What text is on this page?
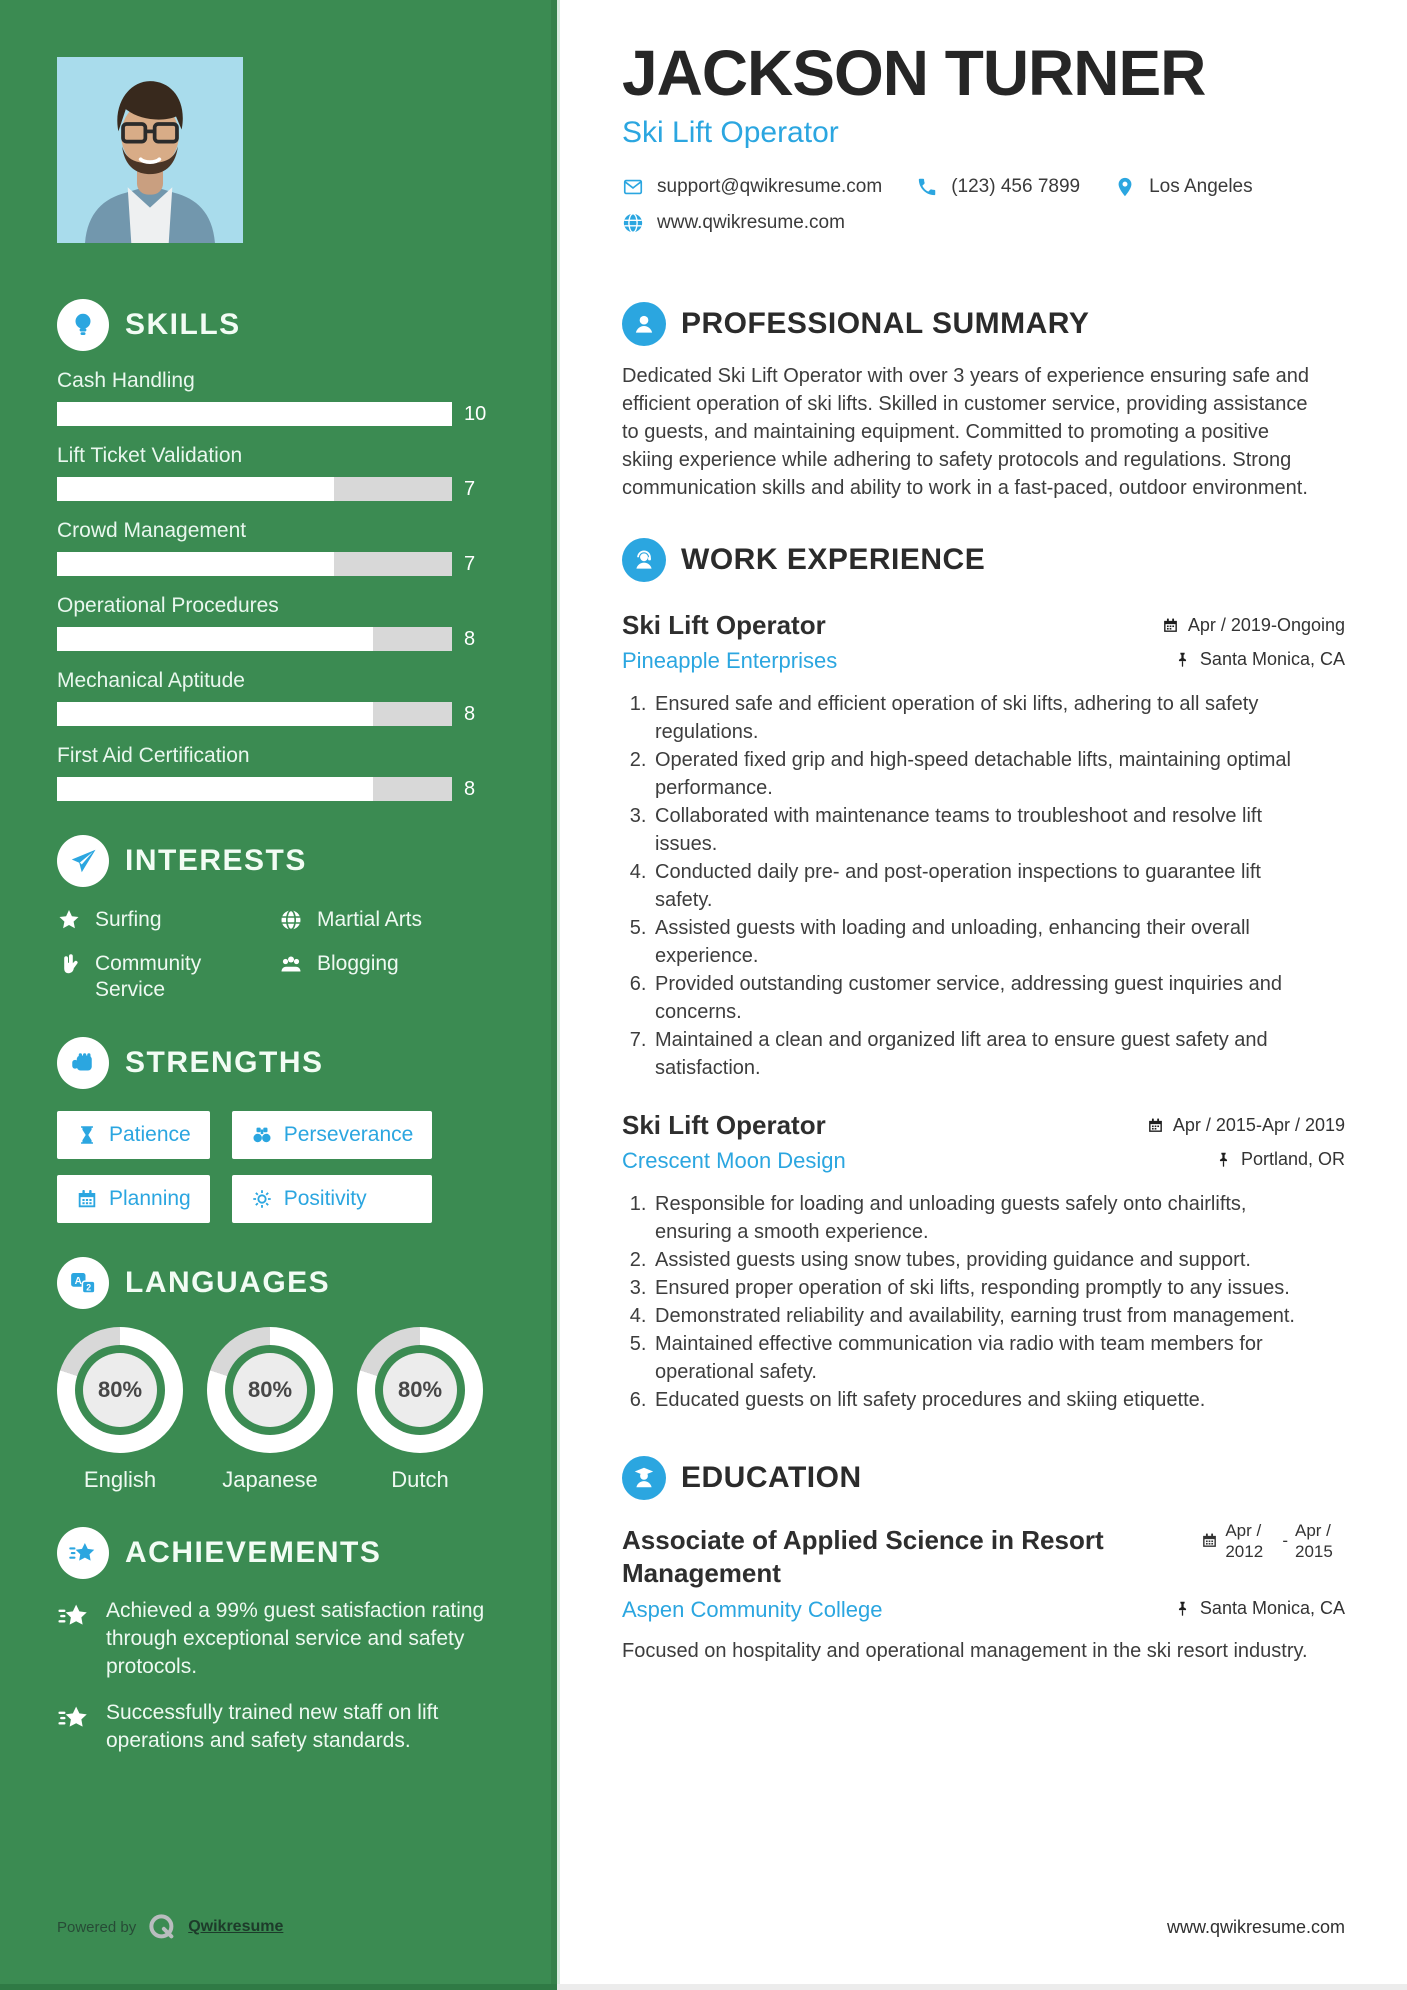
SKILLS
Cash Handling
10
Lift Ticket Validation
7
Crowd Management
7
Operational Procedures
8
Mechanical Aptitude
8
First Aid Certification
8
INTERESTS
Surfing	Martial Arts
Community Service
Blogging
STRENGTHS
Patience	Perseverance
Planning	Positivity
A
2 LANGUAGES
80%
English
80%
Japanese
80%
Dutch
ACHIEVEMENTS
Achieved a 99% guest satisfaction rating through exceptional service and safety protocols.
Successfully trained new staff on lift operations and safety standards.
Powered by	Qwikresume
JACKSON TURNER
Ski Lift Operator
support@qwikresume.com	(123) 456 7899	Los Angeles
www.qwikresume.com
PROFESSIONAL SUMMARY

Dedicated Ski Lift Operator with over 3 years of experience ensuring safe and efficient operation of ski lifts. Skilled in customer service, providing assistance to guests, and maintaining equipment. Committed to promoting a positive skiing experience while adhering to safety protocols and regulations. Strong communication skills and ability to work in a fast-paced, outdoor environment.

WORK EXPERIENCE
Ski Lift Operator	Apr / 2019-Ongoing
Pineapple Enterprises	Santa Monica, CA
1. Ensured safe and efficient operation of ski lifts, adhering to all safety regulations.
2. Operated fixed grip and high-speed detachable lifts, maintaining optimal performance.
3. Collaborated with maintenance teams to troubleshoot and resolve lift issues.
4. Conducted daily pre- and post-operation inspections to guarantee lift safety.
5. Assisted guests with loading and unloading, enhancing their overall experience.
6. Provided outstanding customer service, addressing guest inquiries and concerns.
7. Maintained a clean and organized lift area to ensure guest safety and satisfaction.
Ski Lift Operator	Apr / 2015-Apr / 2019
Crescent Moon Design	Portland, OR
1. Responsible for loading and unloading guests safely onto chairlifts, ensuring a smooth experience.
2. Assisted guests using snow tubes, providing guidance and support.
3. Ensured proper operation of ski lifts, responding promptly to any issues.
4. Demonstrated reliability and availability, earning trust from management.
5. Maintained effective communication via radio with team members for operational safety.
6. Educated guests on lift safety procedures and skiing etiquette.
EDUCATION
Associate of Applied Science in Resort Management
Apr / 2012
-
Apr / 2015
Aspen Community College	Santa Monica, CA

Focused on hospitality and operational management in the ski resort industry.

www.qwikresume.com
